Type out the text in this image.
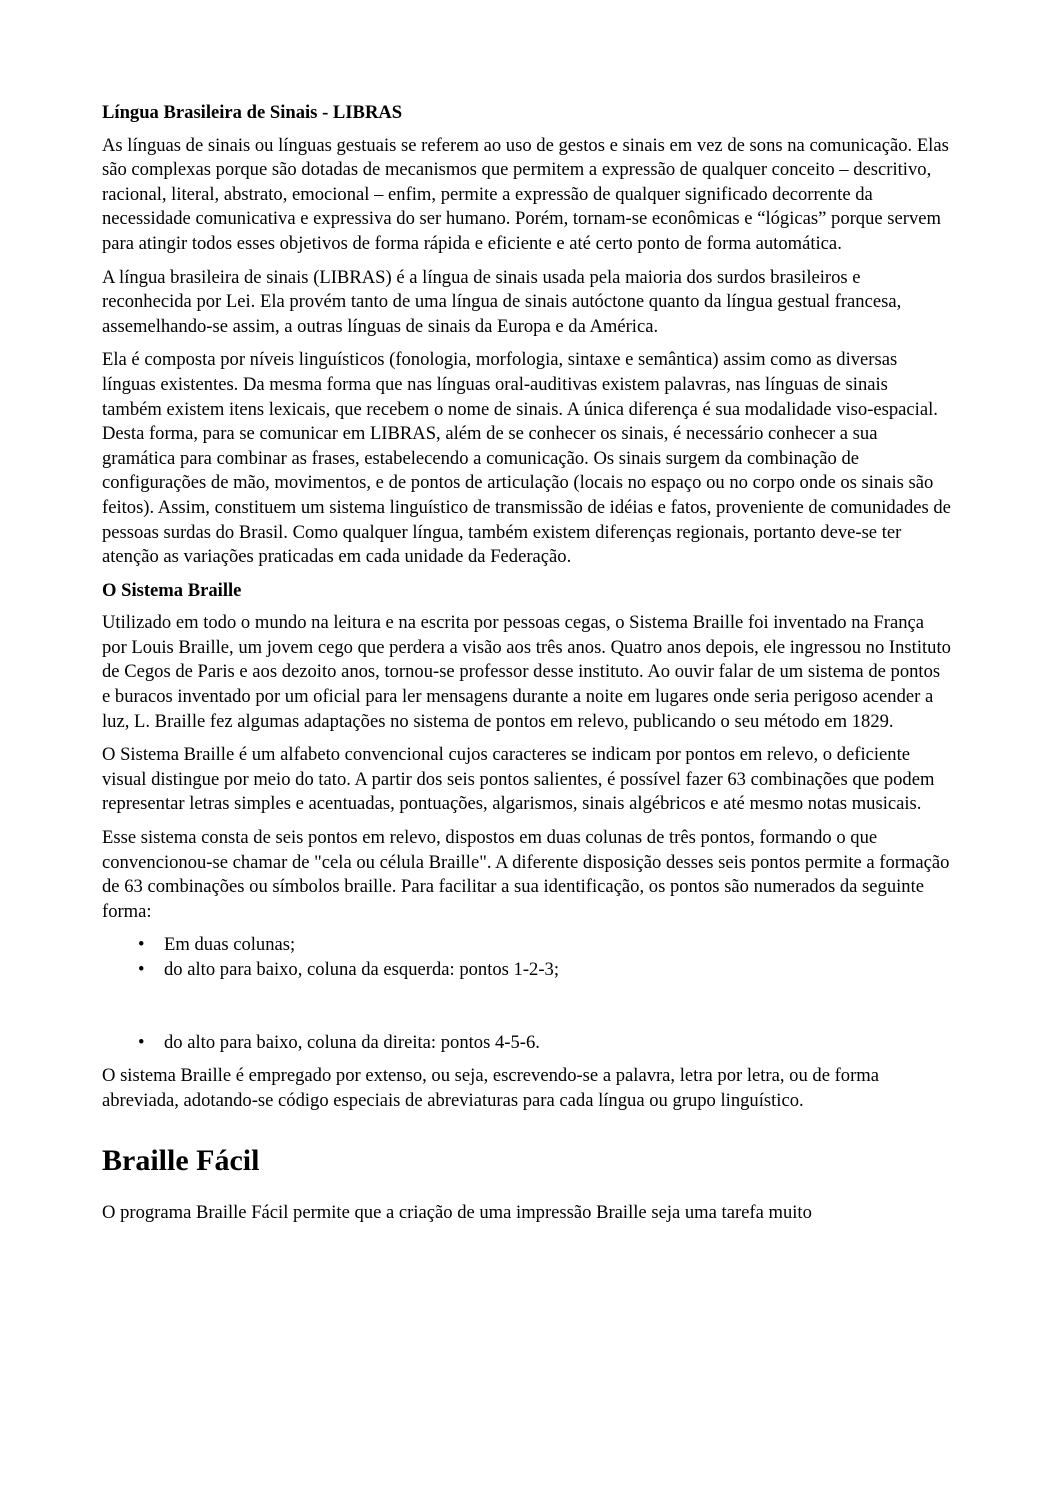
Língua Brasileira de Sinais - LIBRAS

As línguas de sinais ou línguas gestuais se referem ao uso de gestos e sinais em vez de sons na comunicação. Elas são complexas porque são dotadas de mecanismos que permitem a expressão de qualquer conceito – descritivo, racional, literal, abstrato, emocional – enfim, permite a expressão de qualquer significado decorrente da necessidade comunicativa e expressiva do ser humano. Porém, tornam-se econômicas e “lógicas” porque servem para atingir todos esses objetivos de forma rápida e eficiente e até certo ponto de forma automática.

A língua brasileira de sinais (LIBRAS) é a língua de sinais usada pela maioria dos surdos brasileiros e reconhecida por Lei. Ela provém tanto de uma língua de sinais autóctone quanto da língua gestual francesa, assemelhando-se assim, a outras línguas de sinais da Europa e da América.

Ela é composta por níveis linguísticos (fonologia, morfologia, sintaxe e semântica) assim como as diversas línguas existentes. Da mesma forma que nas línguas oral-auditivas existem palavras, nas línguas de sinais também existem itens lexicais, que recebem o nome de sinais. A única diferença é sua modalidade viso-espacial. Desta forma, para se comunicar em LIBRAS, além de se conhecer os sinais, é necessário conhecer a sua gramática para combinar as frases, estabelecendo a comunicação. Os sinais surgem da combinação de configurações de mão, movimentos, e de pontos de articulação (locais no espaço ou no corpo onde os sinais são feitos). Assim, constituem um sistema linguístico de transmissão de idéias e fatos, proveniente de comunidades de pessoas surdas do Brasil. Como qualquer língua, também existem diferenças regionais, portanto deve-se ter atenção as variações praticadas em cada unidade da Federação.

O Sistema Braille

Utilizado em todo o mundo na leitura e na escrita por pessoas cegas, o Sistema Braille foi inventado na França por Louis Braille, um jovem cego que perdera a visão aos três anos. Quatro anos depois, ele ingressou no Instituto de Cegos de Paris e aos dezoito anos, tornou-se professor desse instituto. Ao ouvir falar de um sistema de pontos e buracos inventado por um oficial para ler mensagens durante a noite em lugares onde seria perigoso acender a luz, L. Braille fez algumas adaptações no sistema de pontos em relevo, publicando o seu método em 1829.

O Sistema Braille é um alfabeto convencional cujos caracteres se indicam por pontos em relevo, o deficiente visual distingue por meio do tato. A partir dos seis pontos salientes, é possível fazer 63 combinações que podem representar letras simples e acentuadas, pontuações, algarismos, sinais algébricos e até mesmo notas musicais.

Esse sistema consta de seis pontos em relevo, dispostos em duas colunas de três pontos, formando o que convencionou-se chamar de "cela ou célula Braille". A diferente disposição desses seis pontos permite a formação de 63 combinações ou símbolos braille. Para facilitar a sua identificação, os pontos são numerados da seguinte forma:

• Em duas colunas;
• do alto para baixo, coluna da esquerda: pontos 1-2-3;
• do alto para baixo, coluna da direita: pontos 4-5-6.

O sistema Braille é empregado por extenso, ou seja, escrevendo-se a palavra, letra por letra, ou de forma abreviada, adotando-se código especiais de abreviaturas para cada língua ou grupo linguístico.

Braille Fácil

O programa Braille Fácil permite que a criação de uma impressão Braille seja uma tarefa muito
